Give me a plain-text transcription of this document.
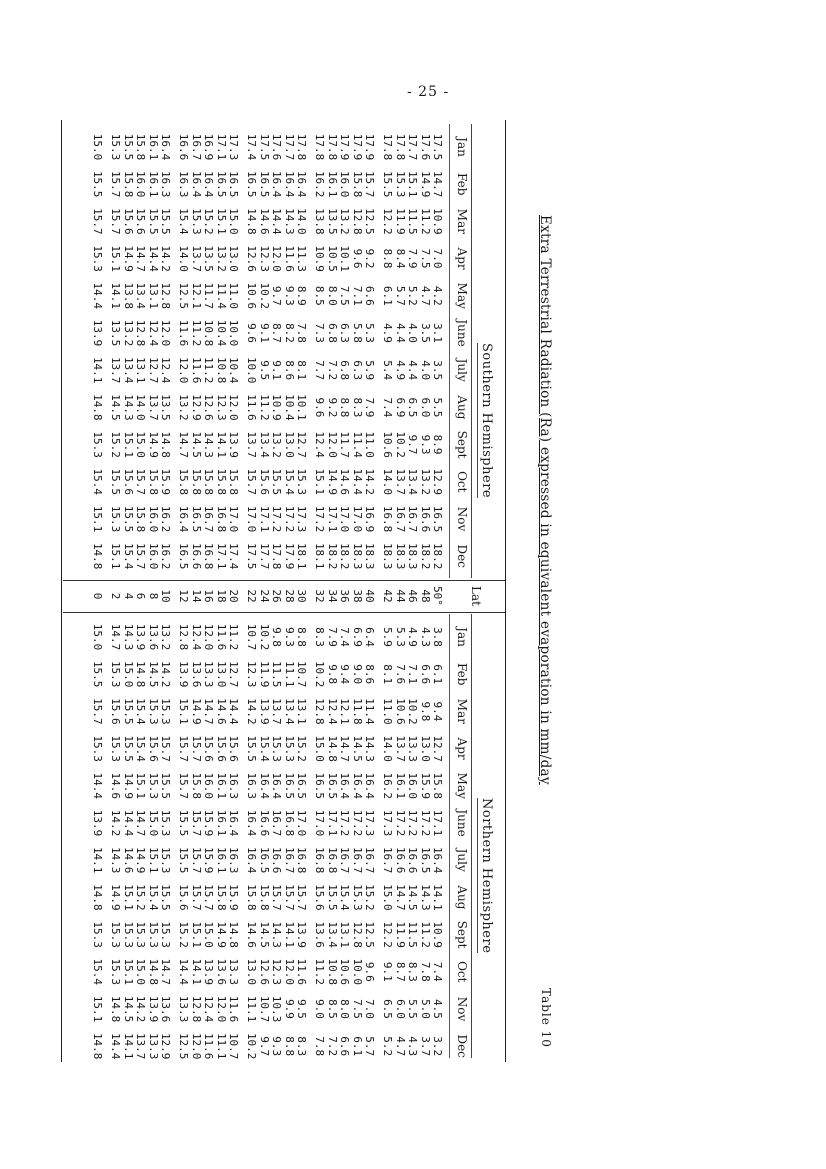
- 25 -
Table 10
Extra Terrestrial Radiation (Ra) expressed in equivalent evaporation in mm/day
Southern Hemisphere
Northern Hemisphere
Lat
Jan
Feb
Mar
Apr
May
June
July
Aug
Sept
Oct
Nov
Dec
Jan
Feb
Mar
Apr
May
June
July
Aug
Sept
Oct
Nov
Dec
17.5
14.7
10.9
7.0
4.2
3.1
3.5
5.5
8.9
12.9
16.5
18.2
17.6
14.9
11.2
7.5
4.7
3.5
4.0
6.0
9.3
13.2
16.6
18.2
17.7
15.1
11.5
7.9
5.2
4.0
4.4
6.5
9.7
13.4
16.7
18.3
17.8
15.3
11.9
8.4
5.7
4.4
4.9
6.9
10.2
13.7
16.7
18.3
17.8
15.5
12.2
8.8
6.1
4.9
5.4
7.4
10.6
14.0
16.8
18.3
17.9
15.7
12.5
9.2
6.6
5.3
5.9
7.9
11.0
14.2
16.9
18.3
17.9
15.8
12.8
9.6
7.1
5.8
6.3
8.3
11.4
14.4
17.0
18.3
17.9
16.0
13.2
10.1
7.5
6.3
6.8
8.8
11.7
14.6
17.0
18.2
17.8
16.1
13.5
10.5
8.0
6.8
7.2
9.2
12.0
14.9
17.1
18.2
17.8
16.2
13.8
10.9
8.5
7.3
7.7
9.6
12.4
15.1
17.2
18.1
17.8
16.4
14.0
11.3
8.9
7.8
8.1
10.1
12.7
15.3
17.3
18.1
17.7
16.4
14.3
11.6
9.3
8.2
8.6
10.4
13.0
15.4
17.2
17.9
17.6
16.4
14.4
12.0
9.7
8.7
9.1
10.9
13.2
15.5
17.2
17.8
17.5
16.5
14.6
12.3
10.2
9.1
9.5
11.2
13.4
15.6
17.1
17.7
17.4
16.5
14.8
12.6
10.6
9.6
10.0
11.6
13.7
15.7
17.0
17.5
17.3
16.5
15.0
13.0
11.0
10.0
10.4
12.0
13.9
15.8
17.0
17.4
17.1
16.5
15.1
13.2
11.4
10.4
10.8
12.3
14.1
15.8
16.8
17.1
16.9
16.4
15.2
13.5
11.7
10.8
11.2
12.6
14.3
15.8
16.7
16.8
16.7
16.4
15.3
13.7
12.1
11.2
11.6
12.9
14.5
15.8
16.5
16.6
16.6
16.3
15.4
14.0
12.5
11.6
12.0
13.2
14.7
15.8
16.4
16.5
16.4
16.3
15.5
14.2
12.8
12.0
12.4
13.5
14.8
15.9
16.2
16.2
16.1
16.1
15.5
14.4
13.1
12.4
12.7
13.7
14.9
15.8
16.0
16.0
15.8
16.0
15.6
14.7
13.4
12.8
13.1
14.0
15.0
15.7
15.8
15.7
15.5
15.8
15.6
14.9
13.8
13.2
13.4
14.3
15.1
15.6
15.5
15.4
15.3
15.7
15.7
15.1
14.1
13.5
13.7
14.5
15.2
15.5
15.3
15.1
15.0
15.5
15.7
15.3
14.4
13.9
14.1
14.8
15.3
15.4
15.1
14.8
3.8
6.1
9.4
12.7
15.8
17.1
16.4
14.1
10.9
7.4
4.5
3.2
4.3
6.6
9.8
13.0
15.9
17.2
16.5
14.3
11.2
7.8
5.0
3.7
4.9
7.1
10.2
13.3
16.0
17.2
16.6
14.5
11.5
8.3
5.5
4.3
5.3
7.6
10.6
13.7
16.1
17.2
16.6
14.7
11.9
8.7
6.0
4.7
5.9
8.1
11.0
14.0
16.2
17.3
16.7
15.0
12.2
9.1
6.5
5.2
6.4
8.6
11.4
14.3
16.4
17.3
16.7
15.2
12.5
9.6
7.0
5.7
6.9
9.0
11.8
14.5
16.4
17.2
16.7
15.3
12.8
10.0
7.5
6.1
7.4
9.4
12.1
14.7
16.4
17.2
16.7
15.4
13.1
10.6
8.0
6.6
7.9
9.8
12.4
14.8
16.5
17.1
16.8
15.5
13.4
10.8
8.5
7.2
8.3
10.2
12.8
15.0
16.5
17.0
16.8
15.6
13.6
11.2
9.0
7.8
8.8
10.7
13.1
15.2
16.5
17.0
16.8
15.7
13.9
11.6
9.5
8.3
9.3
11.1
13.4
15.3
16.5
16.8
16.7
15.7
14.1
12.0
9.9
8.8
9.8
11.5
13.7
15.3
16.4
16.7
16.6
15.7
14.3
12.3
10.3
9.3
10.2
11.9
13.9
15.4
16.4
16.6
16.5
15.8
14.5
12.6
10.7
9.7
10.7
12.3
14.2
15.5
16.3
16.4
16.4
15.8
14.6
13.0
11.1
10.2
11.2
12.7
14.4
15.6
16.3
16.4
16.3
15.9
14.8
13.3
11.6
10.7
11.6
13.0
14.6
15.6
16.1
16.1
16.1
15.8
14.9
13.6
12.0
11.1
12.0
13.3
14.7
15.6
16.0
15.9
15.9
15.7
15.0
13.9
12.4
11.6
12.4
13.6
14.9
15.7
15.8
15.7
15.7
15.7
15.1
14.1
12.8
12.0
12.8
13.9
15.1
15.7
15.7
15.5
15.5
15.6
15.2
14.4
13.3
12.5
13.2
14.2
15.3
15.7
15.5
15.3
15.3
15.5
15.3
14.7
13.6
12.9
13.6
14.5
15.3
15.6
15.3
15.0
15.1
15.4
15.3
14.8
13.9
13.3
13.9
14.8
15.4
15.4
15.1
14.7
14.9
15.2
15.3
15.0
14.2
13.7
14.3
15.0
15.5
15.5
14.9
14.4
14.6
15.1
15.3
15.1
14.5
14.1
14.7
15.3
15.6
15.3
14.6
14.2
14.3
14.9
15.3
15.3
14.8
14.4
15.0
15.5
15.7
15.3
14.4
13.9
14.1
14.8
15.3
15.4
15.1
14.8
50°
48
46
44
42
40
38
36
34
32
30
28
26
24
22
20
18
16
14
12
10
8
6
4
2
0
